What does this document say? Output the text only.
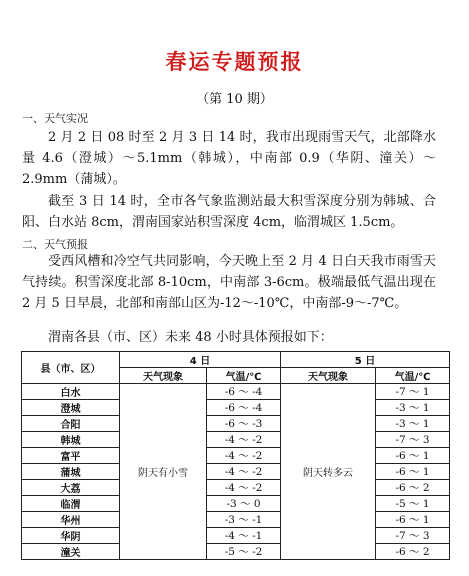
春运专题预报
（第 10 期）
一、天气实况
2 月 2 日 08 时至 2 月 3 日 14 时，我市出现雨雪天气，北部降水量 4.6（澄城）～5.1mm（韩城），中南部 0.9（华阴、潼关）～2.9mm（蒲城）。
截至 3 日 14 时，全市各气象监测站最大积雪深度分别为韩城、合阳、白水站 8cm，渭南国家站积雪深度 4cm，临渭城区 1.5cm。
二、天气预报
受西风槽和冷空气共同影响，今天晚上至 2 月 4 日白天我市雨雪天气持续。积雪深度北部 8-10cm，中南部 3-6cm。极端最低气温出现在 2 月 5 日早晨，北部和南部山区为-12～-10℃，中南部-9～-7℃。
渭南各县（市、区）未来 48 小时具体预报如下：
县（市、区）	4 日		5 日	
	天气现象	气温/℃	天气现象	气温/℃
白水	阴天有小雪	-6 ～ -4	阴天转多云	-7 ～ 1
澄城		-6 ～ -4		-3 ～ 1
合阳		-6 ～ -3		-3 ～ 1
韩城		-4 ～ -2		-7 ～ 3
富平		-4 ～ -2		-6 ～ 1
蒲城		-4 ～ -2		-6 ～ 1
大荔		-4 ～ -2		-6 ～ 2
临渭		-3 ～ 0		-5 ～ 1
华州		-3 ～ -1		-6 ～ 1
华阴		-4 ～ -1		-7 ～ 3
潼关		-5 ～ -2		-6 ～ 2
